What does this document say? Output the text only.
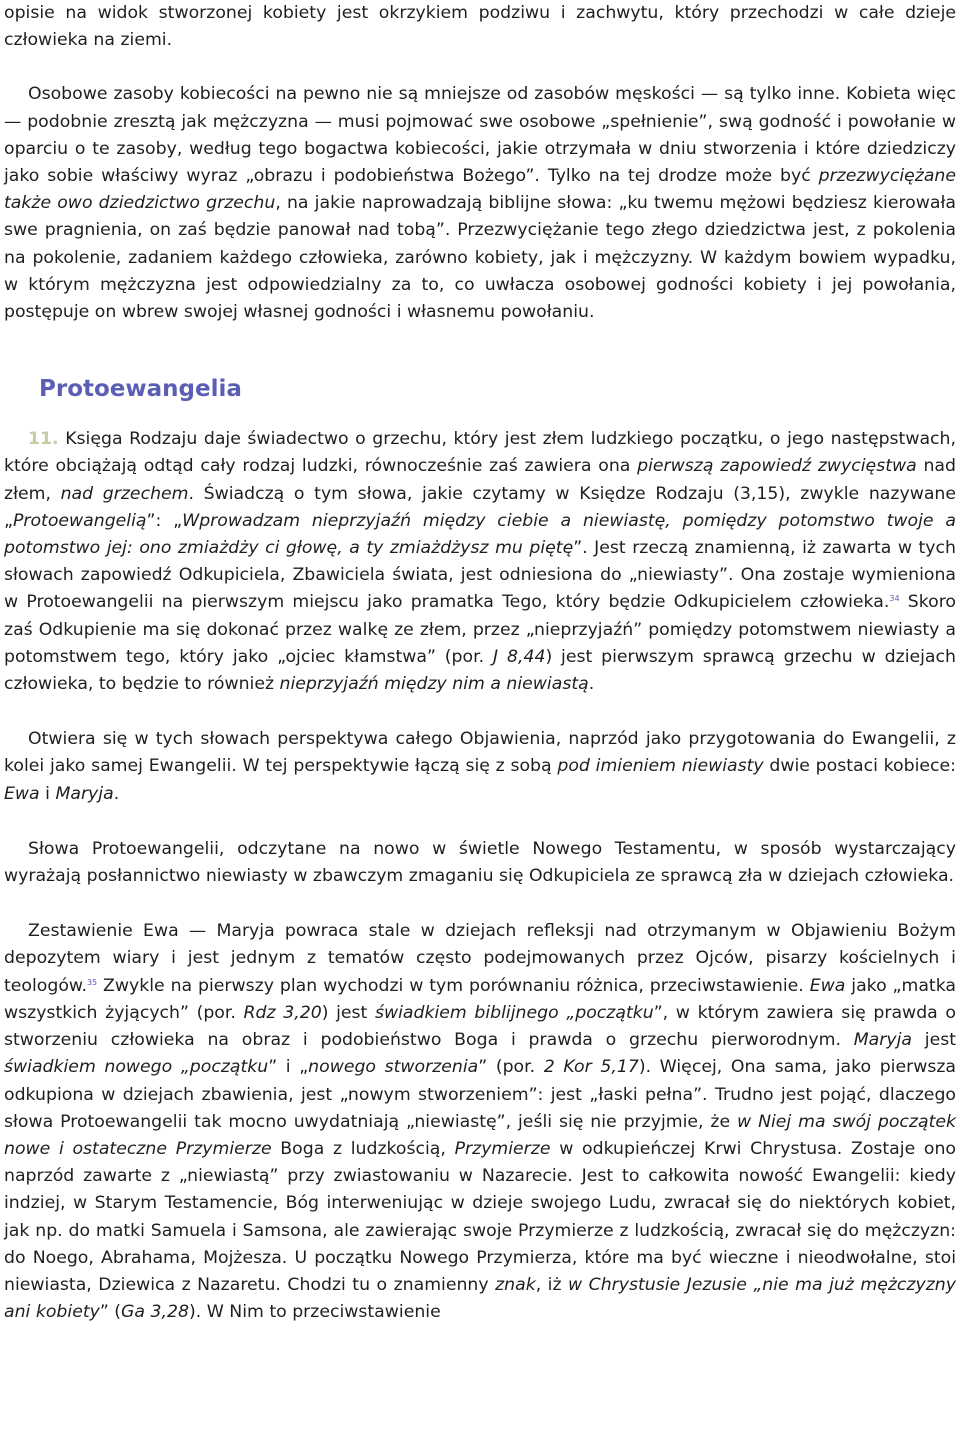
opisie na widok stworzonej kobiety jest okrzykiem podziwu i zachwytu, który przechodzi w całe dzieje człowieka na ziemi.

Osobowe zasoby kobiecości na pewno nie są mniejsze od zasobów męskości — są tylko inne. Kobieta więc — podobnie zresztą jak mężczyzna — musi pojmować swe osobowe „spełnienie”, swą godność i powołanie w oparciu o te zasoby, według tego bogactwa kobiecości, jakie otrzymała w dniu stworzenia i które dziedziczy jako sobie właściwy wyraz „obrazu i podobieństwa Bożego”. Tylko na tej drodze może być przezwyciężane także owo dziedzictwo grzechu, na jakie naprowadzają biblijne słowa: „ku twemu mężowi będziesz kierowała swe pragnienia, on zaś będzie panował nad tobą”. Przezwyciężanie tego złego dziedzictwa jest, z pokolenia na pokolenie, zadaniem każdego człowieka, zarówno kobiety, jak i mężczyzny. W każdym bowiem wypadku, w którym mężczyzna jest odpowiedzialny za to, co uwłacza osobowej godności kobiety i jej powołania, postępuje on wbrew swojej własnej godności i własnemu powołaniu.

Protoewangelia

11. Księga Rodzaju daje świadectwo o grzechu, który jest złem ludzkiego początku, o jego następstwach, które obciążają odtąd cały rodzaj ludzki, równocześnie zaś zawiera ona pierwszą zapowiedź zwycięstwa nad złem, nad grzechem. Świadczą o tym słowa, jakie czytamy w Księdze Rodzaju (3,15), zwykle nazywane „Protoewangelią”: „Wprowadzam nieprzyjaźń między ciebie a niewiastę, pomiędzy potomstwo twoje a potomstwo jej: ono zmiażdży ci głowę, a ty zmiażdżysz mu piętę”. Jest rzeczą znamienną, iż zawarta w tych słowach zapowiedź Odkupiciela, Zbawiciela świata, jest odniesiona do „niewiasty”. Ona zostaje wymieniona w Protoewangelii na pierwszym miejscu jako pramatka Tego, który będzie Odkupicielem człowieka.$^{34}$ Skoro zaś Odkupienie ma się dokonać przez walkę ze złem, przez „nieprzyjaźń” pomiędzy potomstwem niewiasty a potomstwem tego, który jako „ojciec kłamstwa” (por. J 8,44) jest pierwszym sprawcą grzechu w dziejach człowieka, to będzie to również nieprzyjaźń między nim a niewiastą.

Otwiera się w tych słowach perspektywa całego Objawienia, naprzód jako przygotowania do Ewangelii, z kolei jako samej Ewangelii. W tej perspektywie łączą się z sobą pod imieniem niewiasty dwie postaci kobiece: Ewa i Maryja.

Słowa Protoewangelii, odczytane na nowo w świetle Nowego Testamentu, w sposób wystarczający wyrażają posłannictwo niewiasty w zbawczym zmaganiu się Odkupiciela ze sprawcą zła w dziejach człowieka.

Zestawienie Ewa — Maryja powraca stale w dziejach refleksji nad otrzymanym w Objawieniu Bożym depozytem wiary i jest jednym z tematów często podejmowanych przez Ojców, pisarzy kościelnych i teologów.$^{35}$ Zwykle na pierwszy plan wychodzi w tym porównaniu różnica, przeciwstawienie. Ewa jako „matka wszystkich żyjących” (por. Rdz 3,20) jest świadkiem biblijnego „początku”, w którym zawiera się prawda o stworzeniu człowieka na obraz i podobieństwo Boga i prawda o grzechu pierworodnym. Maryja jest świadkiem nowego „początku” i „nowego stworzenia” (por. 2 Kor 5,17). Więcej, Ona sama, jako pierwsza odkupiona w dziejach zbawienia, jest „nowym stworzeniem”: jest „łaski pełna”. Trudno jest pojąć, dlaczego słowa Protoewangelii tak mocno uwydatniają „niewiastę”, jeśli się nie przyjmie, że w Niej ma swój początek nowe i ostateczne Przymierze Boga z ludzkością, Przymierze w odkupieńczej Krwi Chrystusa. Zostaje ono naprzód zawarte z „niewiastą” przy zwiastowaniu w Nazarecie. Jest to całkowita nowość Ewangelii: kiedy indziej, w Starym Testamencie, Bóg interweniując w dzieje swojego Ludu, zwracał się do niektórych kobiet, jak np. do matki Samuela i Samsona, ale zawierając swoje Przymierze z ludzkością, zwracał się do mężczyzn: do Noego, Abrahama, Mojżesza. U początku Nowego Przymierza, które ma być wieczne i nieodwołalne, stoi niewiasta, Dziewica z Nazaretu. Chodzi tu o znamienny znak, iż w Chrystusie Jezusie „nie ma już mężczyzny ani kobiety” (Ga 3,28). W Nim to przeciwstawienie
